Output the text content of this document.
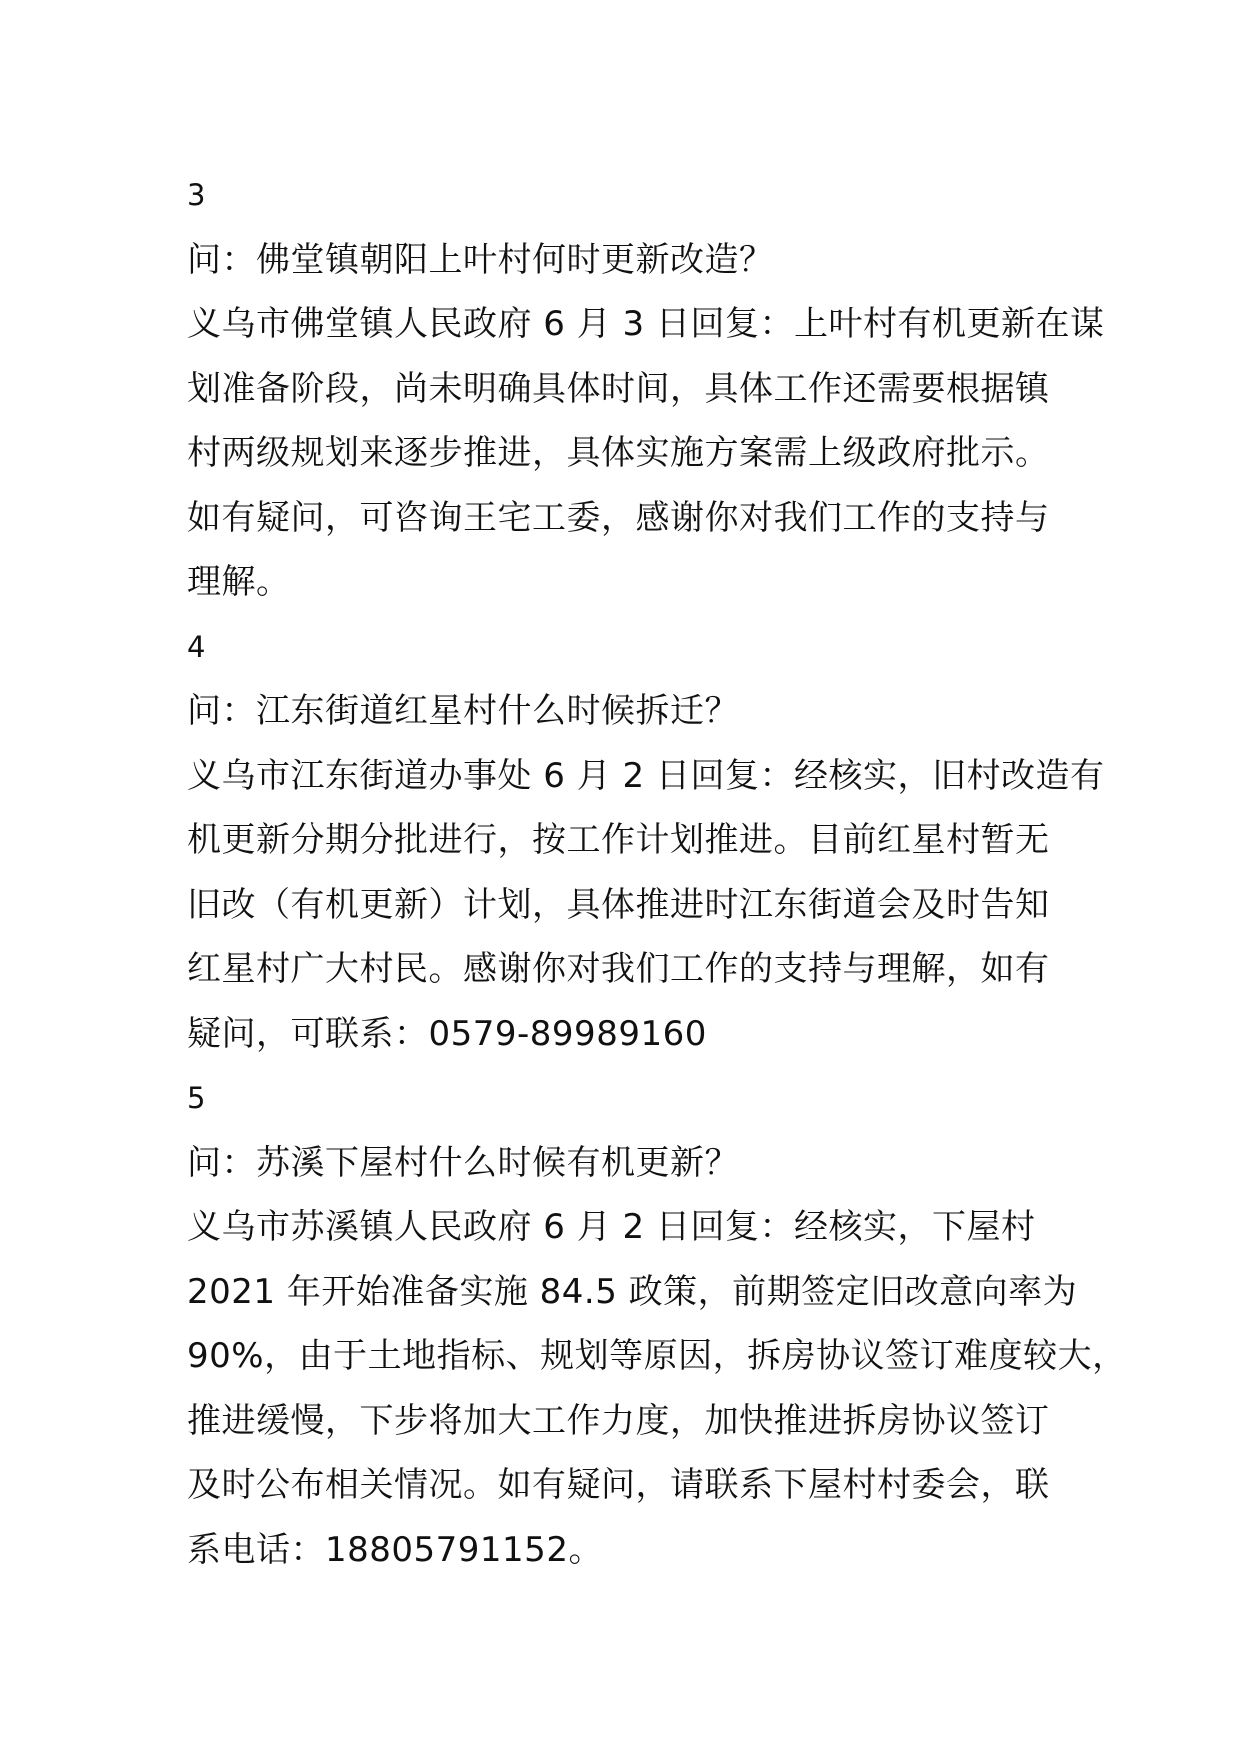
3
问：佛堂镇朝阳上叶村何时更新改造？
义乌市佛堂镇人民政府 6 月 3 日回复：上叶村有机更新在谋
划准备阶段，尚未明确具体时间，具体工作还需要根据镇
村两级规划来逐步推进，具体实施方案需上级政府批示。
如有疑问，可咨询王宅工委，感谢你对我们工作的支持与
理解。
4
问：江东街道红星村什么时候拆迁？
义乌市江东街道办事处 6 月 2 日回复：经核实，旧村改造有
机更新分期分批进行，按工作计划推进。目前红星村暂无
旧改（有机更新）计划，具体推进时江东街道会及时告知
红星村广大村民。感谢你对我们工作的支持与理解，如有
疑问，可联系：0579-89989160
5
问：苏溪下屋村什么时候有机更新？
义乌市苏溪镇人民政府 6 月 2 日回复：经核实，下屋村
2021 年开始准备实施 84.5 政策，前期签定旧改意向率为
90%，由于土地指标、规划等原因，拆房协议签订难度较大，
推进缓慢，下步将加大工作力度，加快推进拆房协议签订
及时公布相关情况。如有疑问，请联系下屋村村委会，联
系电话：18805791152。
